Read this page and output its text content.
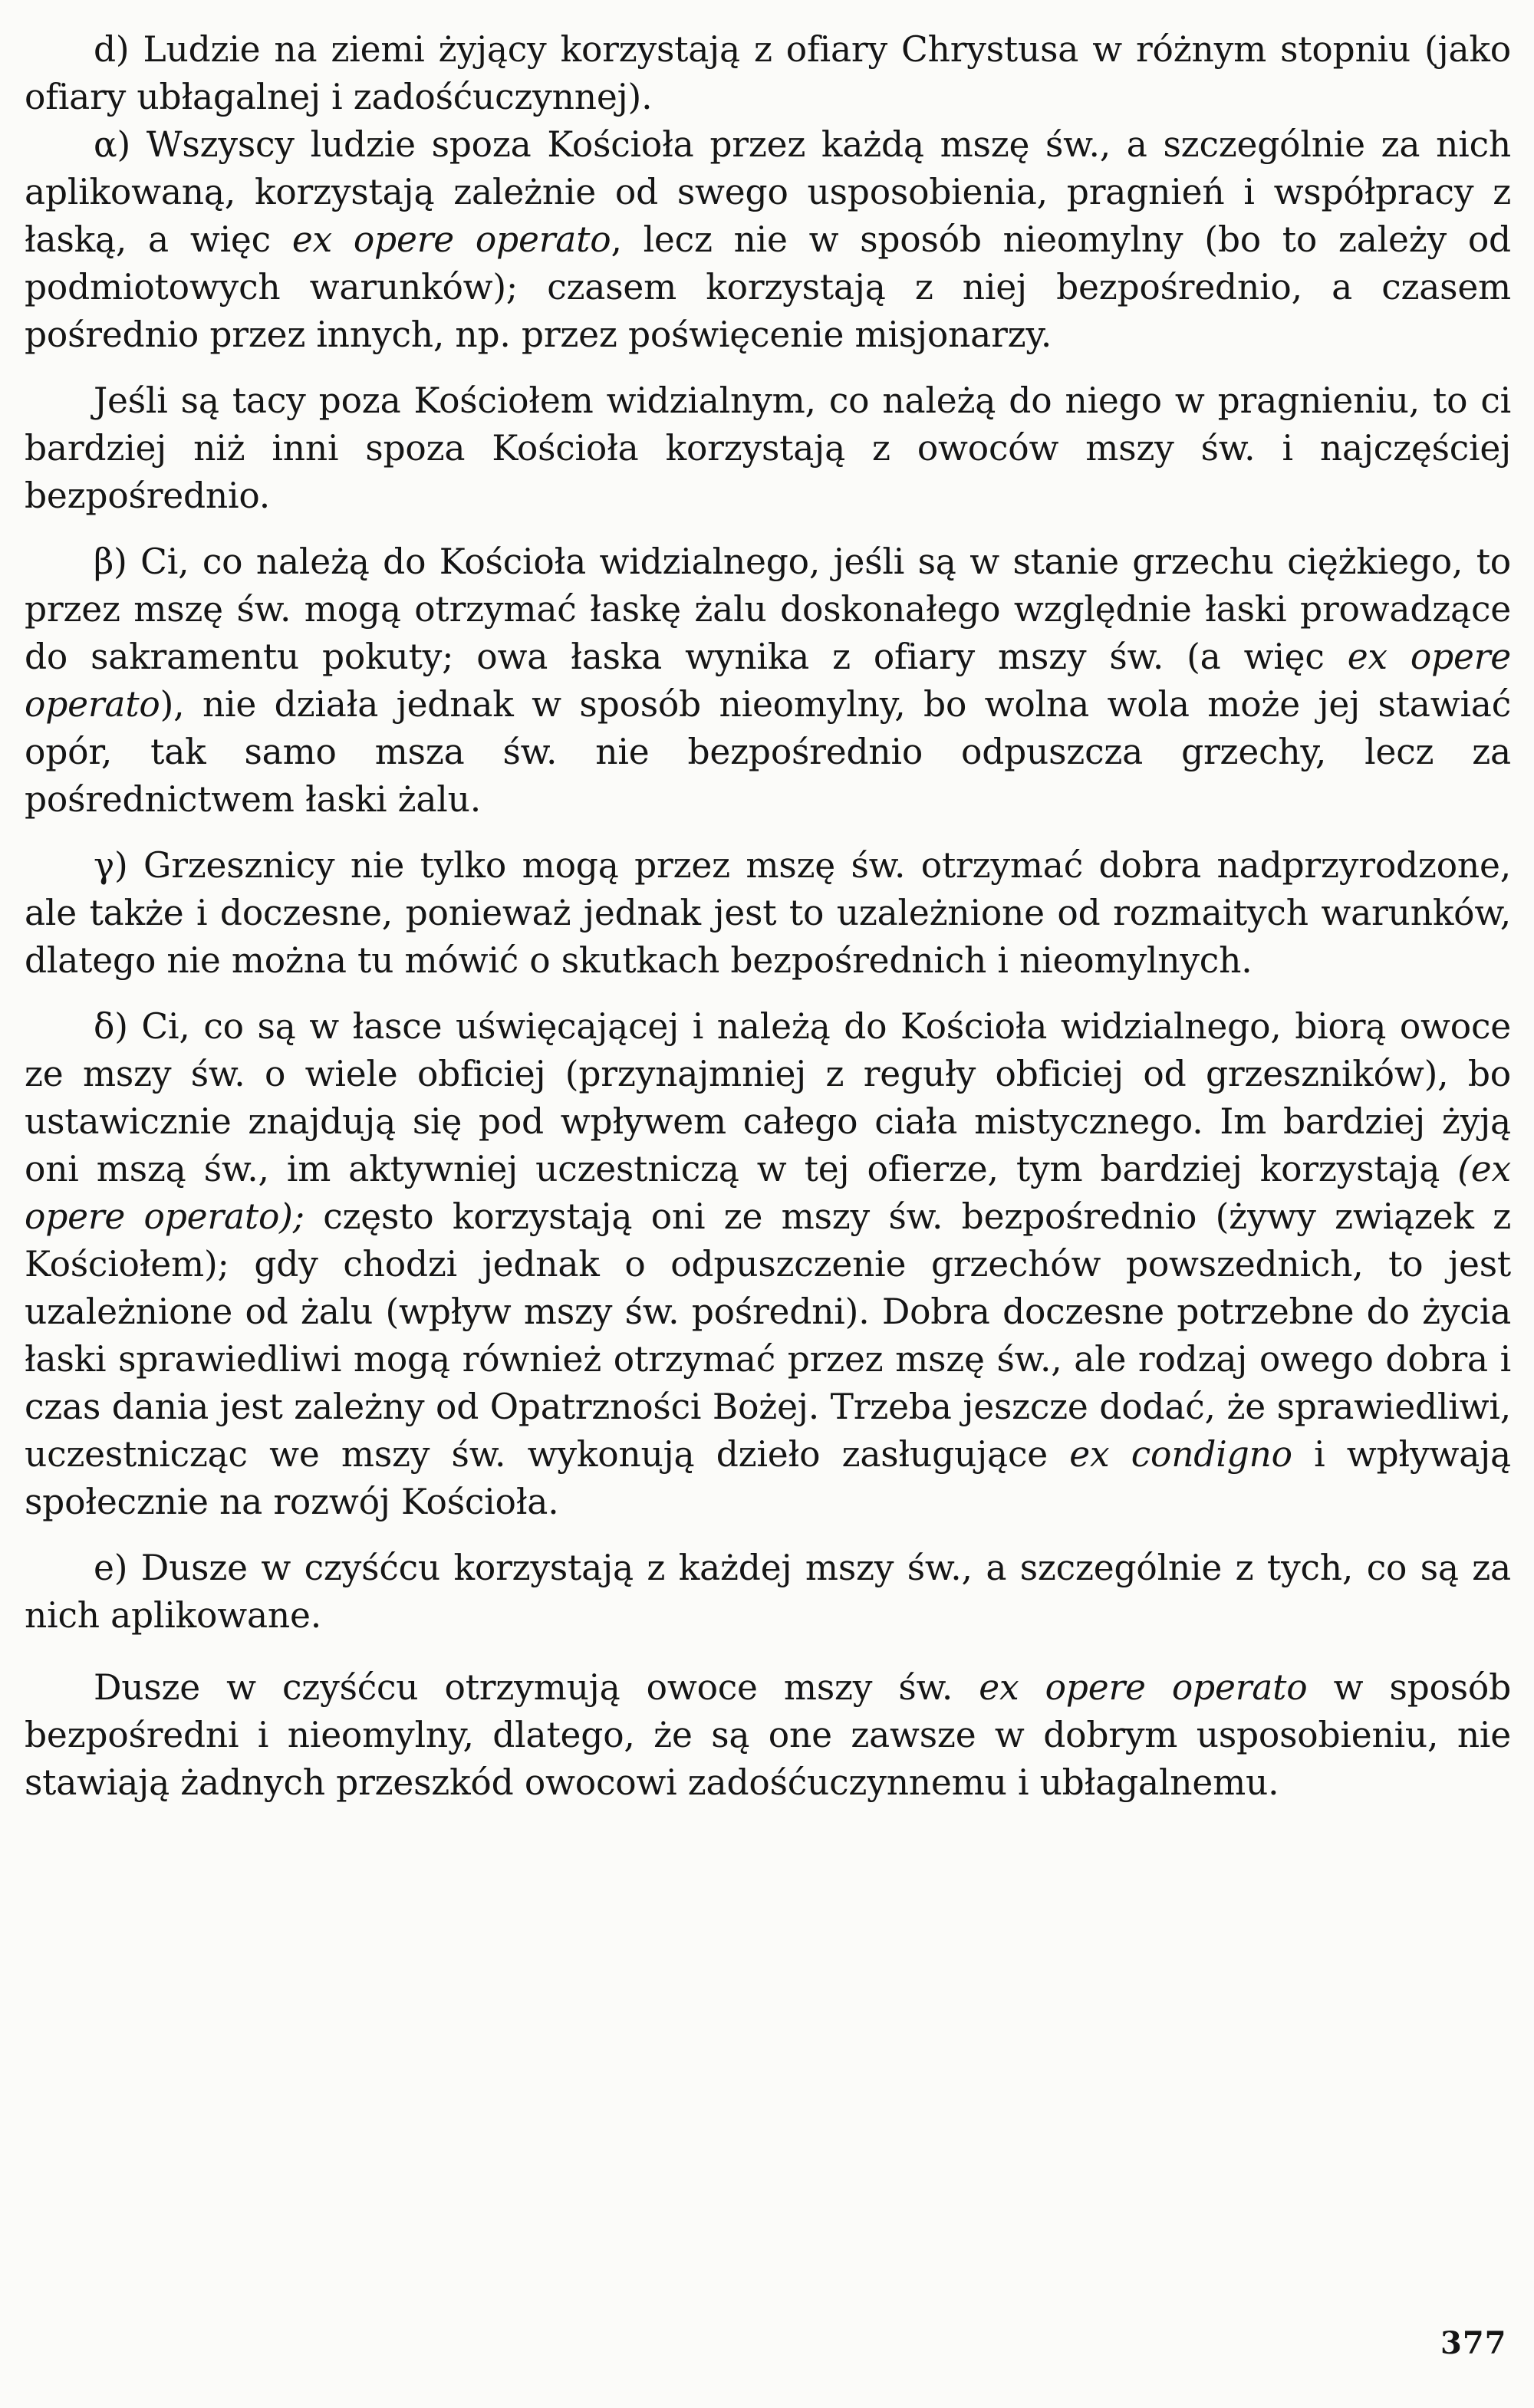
d) Ludzie na ziemi żyjący korzystają z ofiary Chrystusa w różnym stopniu (jako ofiary ubłagalnej i zadośćuczynnej).

α) Wszyscy ludzie spoza Kościoła przez każdą mszę św., a szczególnie za nich aplikowaną, korzystają zależnie od swego usposobienia, pragnień i współpracy z łaską, a więc ex opere operato, lecz nie w sposób nieomylny (bo to zależy od podmiotowych warunków); czasem korzystają z niej bezpośrednio, a czasem pośrednio przez innych, np. przez poświęcenie misjonarzy.

Jeśli są tacy poza Kościołem widzialnym, co należą do niego w pragnieniu, to ci bardziej niż inni spoza Kościoła korzystają z owoców mszy św. i najczęściej bezpośrednio.

β) Ci, co należą do Kościoła widzialnego, jeśli są w stanie grzechu ciężkiego, to przez mszę św. mogą otrzymać łaskę żalu doskonałego względnie łaski prowadzące do sakramentu pokuty; owa łaska wynika z ofiary mszy św. (a więc ex opere operato), nie działa jednak w sposób nieomylny, bo wolna wola może jej stawiać opór, tak samo msza św. nie bezpośrednio odpuszcza grzechy, lecz za pośrednictwem łaski żalu.

γ) Grzesznicy nie tylko mogą przez mszę św. otrzymać dobra nadprzyrodzone, ale także i doczesne, ponieważ jednak jest to uzależnione od rozmaitych warunków, dlatego nie można tu mówić o skutkach bezpośrednich i nieomylnych.

δ) Ci, co są w łasce uświęcającej i należą do Kościoła widzialnego, biorą owoce ze mszy św. o wiele obficiej (przynajmniej z reguły obficiej od grzeszników), bo ustawicznie znajdują się pod wpływem całego ciała mistycznego. Im bardziej żyją oni mszą św., im aktywniej uczestniczą w tej ofierze, tym bardziej korzystają (ex opere operato); często korzystają oni ze mszy św. bezpośrednio (żywy związek z Kościołem); gdy chodzi jednak o odpuszczenie grzechów powszednich, to jest uzależnione od żalu (wpływ mszy św. pośredni). Dobra doczesne potrzebne do życia łaski sprawiedliwi mogą również otrzymać przez mszę św., ale rodzaj owego dobra i czas dania jest zależny od Opatrzności Bożej. Trzeba jeszcze dodać, że sprawiedliwi, uczestnicząc we mszy św. wykonują dzieło zasługujące ex condigno i wpływają społecznie na rozwój Kościoła.

e) Dusze w czyśćcu korzystają z każdej mszy św., a szczególnie z tych, co są za nich aplikowane.

Dusze w czyśćcu otrzymują owoce mszy św. ex opere operato w sposób bezpośredni i nieomylny, dlatego, że są one zawsze w dobrym usposobieniu, nie stawiają żadnych przeszkód owocowi zadośćuczynnemu i ubłagalnemu.

377
